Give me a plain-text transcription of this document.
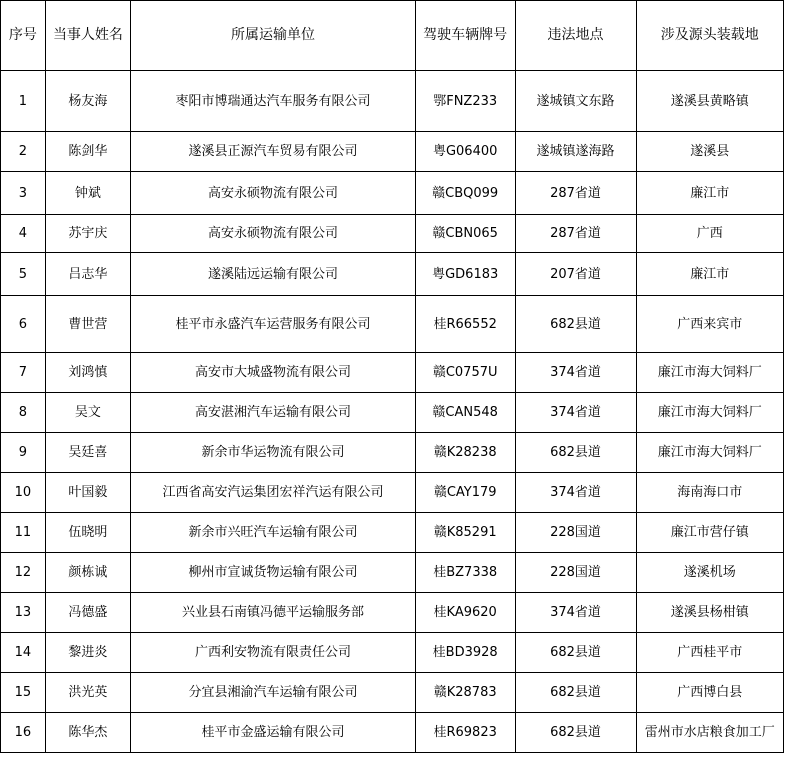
序号	当事人姓名	所属运输单位	驾驶车辆牌号	违法地点	涉及源头装载地
1	杨友海	枣阳市博瑞通达汽车服务有限公司	鄂FNZ233	遂城镇文东路	遂溪县黄略镇
2	陈剑华	遂溪县正源汽车贸易有限公司	粤G06400	遂城镇遂海路	遂溪县
3	钟斌	高安永硕物流有限公司	赣CBQ099	287省道	廉江市
4	苏宇庆	高安永硕物流有限公司	赣CBN065	287省道	广西
5	吕志华	遂溪陆远运输有限公司	粤GD6183	207省道	廉江市
6	曹世营	桂平市永盛汽车运营服务有限公司	桂R66552	682县道	广西来宾市
7	刘鸿慎	高安市大城盛物流有限公司	赣C0757U	374省道	廉江市海大饲料厂
8	吴文	高安湛湘汽车运输有限公司	赣CAN548	374省道	廉江市海大饲料厂
9	吴廷喜	新余市华运物流有限公司	赣K28238	682县道	廉江市海大饲料厂
10	叶国毅	江西省高安汽运集团宏祥汽运有限公司	赣CAY179	374省道	海南海口市
11	伍晓明	新余市兴旺汽车运输有限公司	赣K85291	228国道	廉江市营仔镇
12	颜栋诚	柳州市宣诚货物运输有限公司	桂BZ7338	228国道	遂溪机场
13	冯德盛	兴业县石南镇冯德平运输服务部	桂KA9620	374省道	遂溪县杨柑镇
14	黎进炎	广西利安物流有限责任公司	桂BD3928	682县道	广西桂平市
15	洪光英	分宜县湘渝汽车运输有限公司	赣K28783	682县道	广西博白县
16	陈华杰	桂平市金盛运输有限公司	桂R69823	682县道	雷州市水店粮食加工厂
